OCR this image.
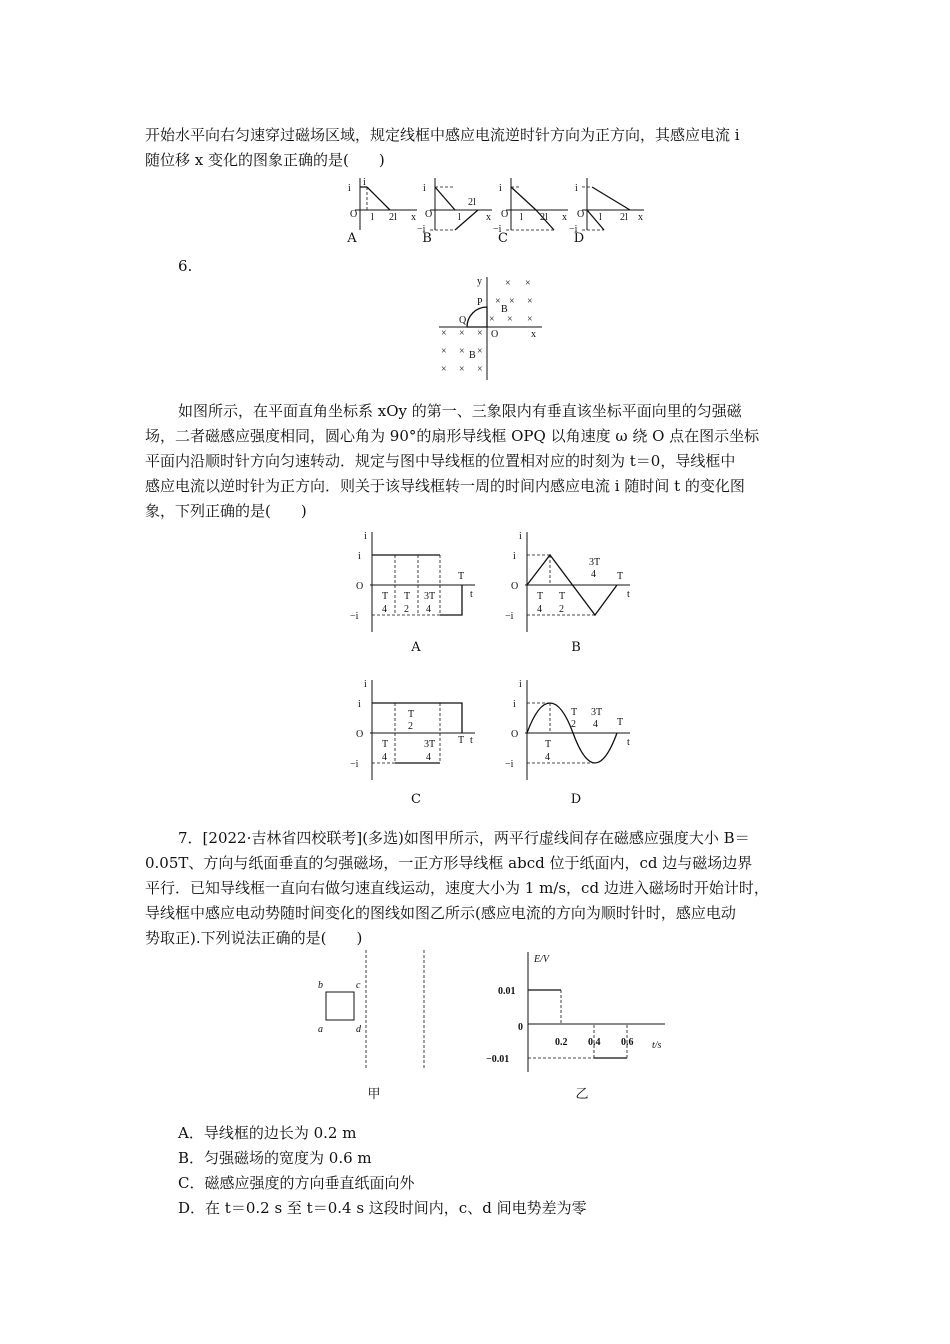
开始水平向右匀速穿过磁场区域，规定线框中感应电流逆时针方向为正方向，其感应电流 i
随位移 x 变化的图象正确的是(　　)
i
O l 2l x
i
i
O
−i
l
2l
x
i
O
−i
l 2l x
i
O
−i
l 2l x
A	B	C	D
6.
× ×
× × ×
× × ×
× × ×
× × ×
× × ×
y
x
O
P
Q
B
B
如图所示，在平面直角坐标系 xOy 的第一、三象限内有垂直该坐标平面向里的匀强磁
场，二者磁感应强度相同，圆心角为 90°的扇形导线框 OPQ 以角速度 ω 绕 O 点在图示坐标
平面内沿顺时针方向匀速转动．规定与图中导线框的位置相对应的时刻为 t＝0，导线框中
感应电流以逆时针为正方向．则关于该导线框转一周的时间内感应电流 i 随时间 t 的变化图
象，下列正确的是(　　)
i
i
O
−i
T
t
T
4
T
2
3T
4
i
i
O
−i
T
t
T
4
T
2
3T
4
A	B
i
i
O
−i
T t
T
4
T
2
3T
4
i
i
O
−i
T
t
T
4
T
2
3T
4
C	D
7．[2022·吉林省四校联考](多选)如图甲所示，两平行虚线间存在磁感应强度大小 B＝
0.05T、方向与纸面垂直的匀强磁场，一正方形导线框 abcd 位于纸面内，cd 边与磁场边界
平行．已知导线框一直向右做匀速直线运动，速度大小为 1 m/s，cd 边进入磁场时开始计时，
导线框中感应电动势随时间变化的图线如图乙所示(感应电流的方向为顺时针时，感应电动
势取正).下列说法正确的是(　　)
b	c
a	d
甲
E/V
t/s
0.01
0
−0.01
0.2 0.4 0.6
乙
A．导线框的边长为 0.2 m
B．匀强磁场的宽度为 0.6 m
C．磁感应强度的方向垂直纸面向外
D．在 t＝0.2 s 至 t＝0.4 s 这段时间内，c、d 间电势差为零
